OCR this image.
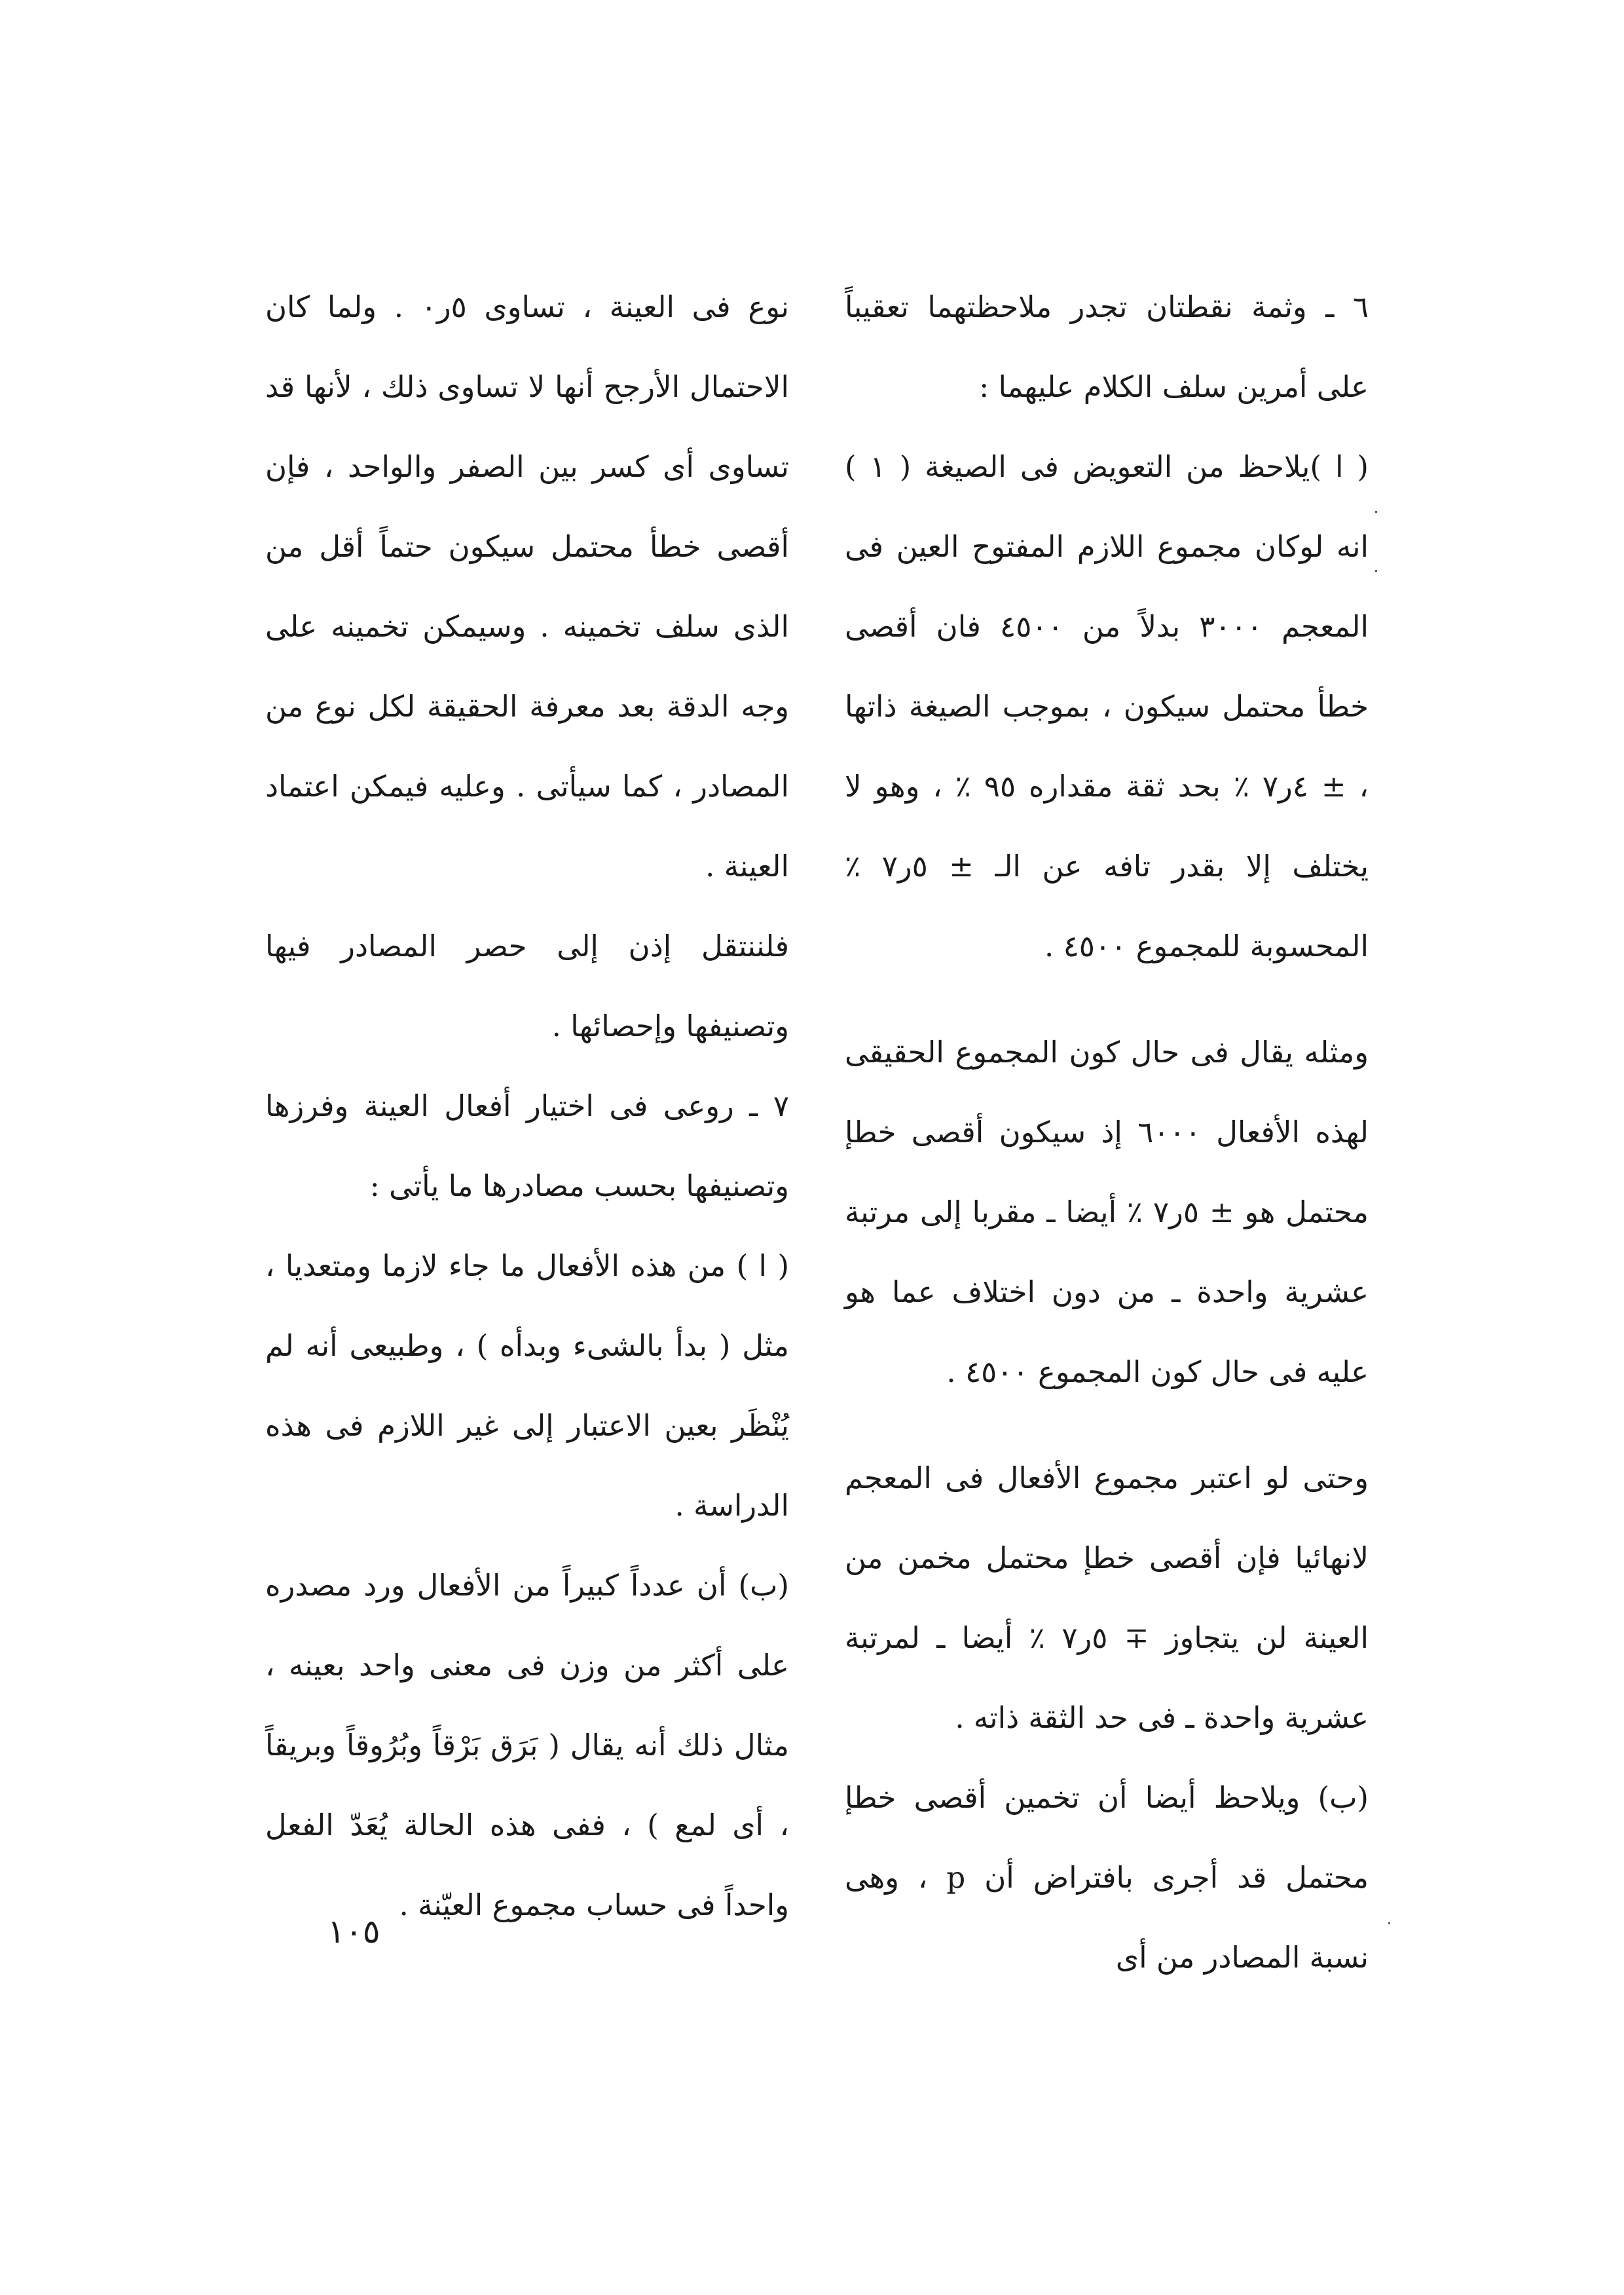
٦ ـ وثمة نقطتان تجدر ملاحظتهما تعقيباً على أمرين سلف الكلام عليهما :

( ا )يلاحظ من التعويض فى الصيغة ( ١ ) انه لوكان مجموع اللازم المفتوح العين فى المعجم ٣٠٠٠ بدلاً من ٤٥٠٠ فان أقصى خطأ محتمل سيكون ، بموجب الصيغة ذاتها ، ± ٤ر٧ ٪ بحد ثقة مقداره ٩٥ ٪ ، وهو لا يختلف إلا بقدر تافه عن الـ ± ٥ر٧ ٪ المحسوبة للمجموع ٤٥٠٠ .

ومثله يقال فى حال كون المجموع الحقيقى لهذه الأفعال ٦٠٠٠ إذ سيكون أقصى خطإ محتمل هو ± ٥ر٧ ٪ أيضا ـ مقربا إلى مرتبة عشرية واحدة ـ من دون اختلاف عما هو عليه فى حال كون المجموع ٤٥٠٠ .

وحتى لو اعتبر مجموع الأفعال فى المعجم لانهائيا فإن أقصى خطإ محتمل مخمن من العينة لن يتجاوز ∓ ٥ر٧ ٪ أيضا ـ لمرتبة عشرية واحدة ـ فى حد الثقة ذاته .

(ب) ويلاحظ أيضا أن تخمين أقصى خطإ محتمل قد أجرى بافتراض أن p ، وهى نسبة المصادر من أى

نوع فى العينة ، تساوى ٥ر٠ . ولما كان الاحتمال الأرجح أنها لا تساوى ذلك ، لأنها قد تساوى أى كسر بين الصفر والواحد ، فإن أقصى خطأ محتمل سيكون حتماً أقل من الذى سلف تخمينه . وسيمكن تخمينه على وجه الدقة بعد معرفة الحقيقة لكل نوع من المصادر ، كما سيأتى . وعليه فيمكن اعتماد العينة .

فلننتقل إذن إلى حصر المصادر فيها وتصنيفها وإحصائها .

٧ ـ روعى فى اختيار أفعال العينة وفرزها وتصنيفها بحسب مصادرها ما يأتى :

( ا ) من هذه الأفعال ما جاء لازما ومتعديا ، مثل ( بدأ بالشىء وبدأه ) ، وطبيعى أنه لم يُنْظَر بعين الاعتبار إلى غير اللازم فى هذه الدراسة .

(ب) أن عدداً كبيراً من الأفعال ورد مصدره على أكثر من وزن فى معنى واحد بعينه ، مثال ذلك أنه يقال ( بَرَق بَرْقاً وبُرُوقاً وبريقاً ، أى لمع ) ، ففى هذه الحالة يُعَدّ الفعل واحداً فى حساب مجموع العيّنة .

١٠٥
